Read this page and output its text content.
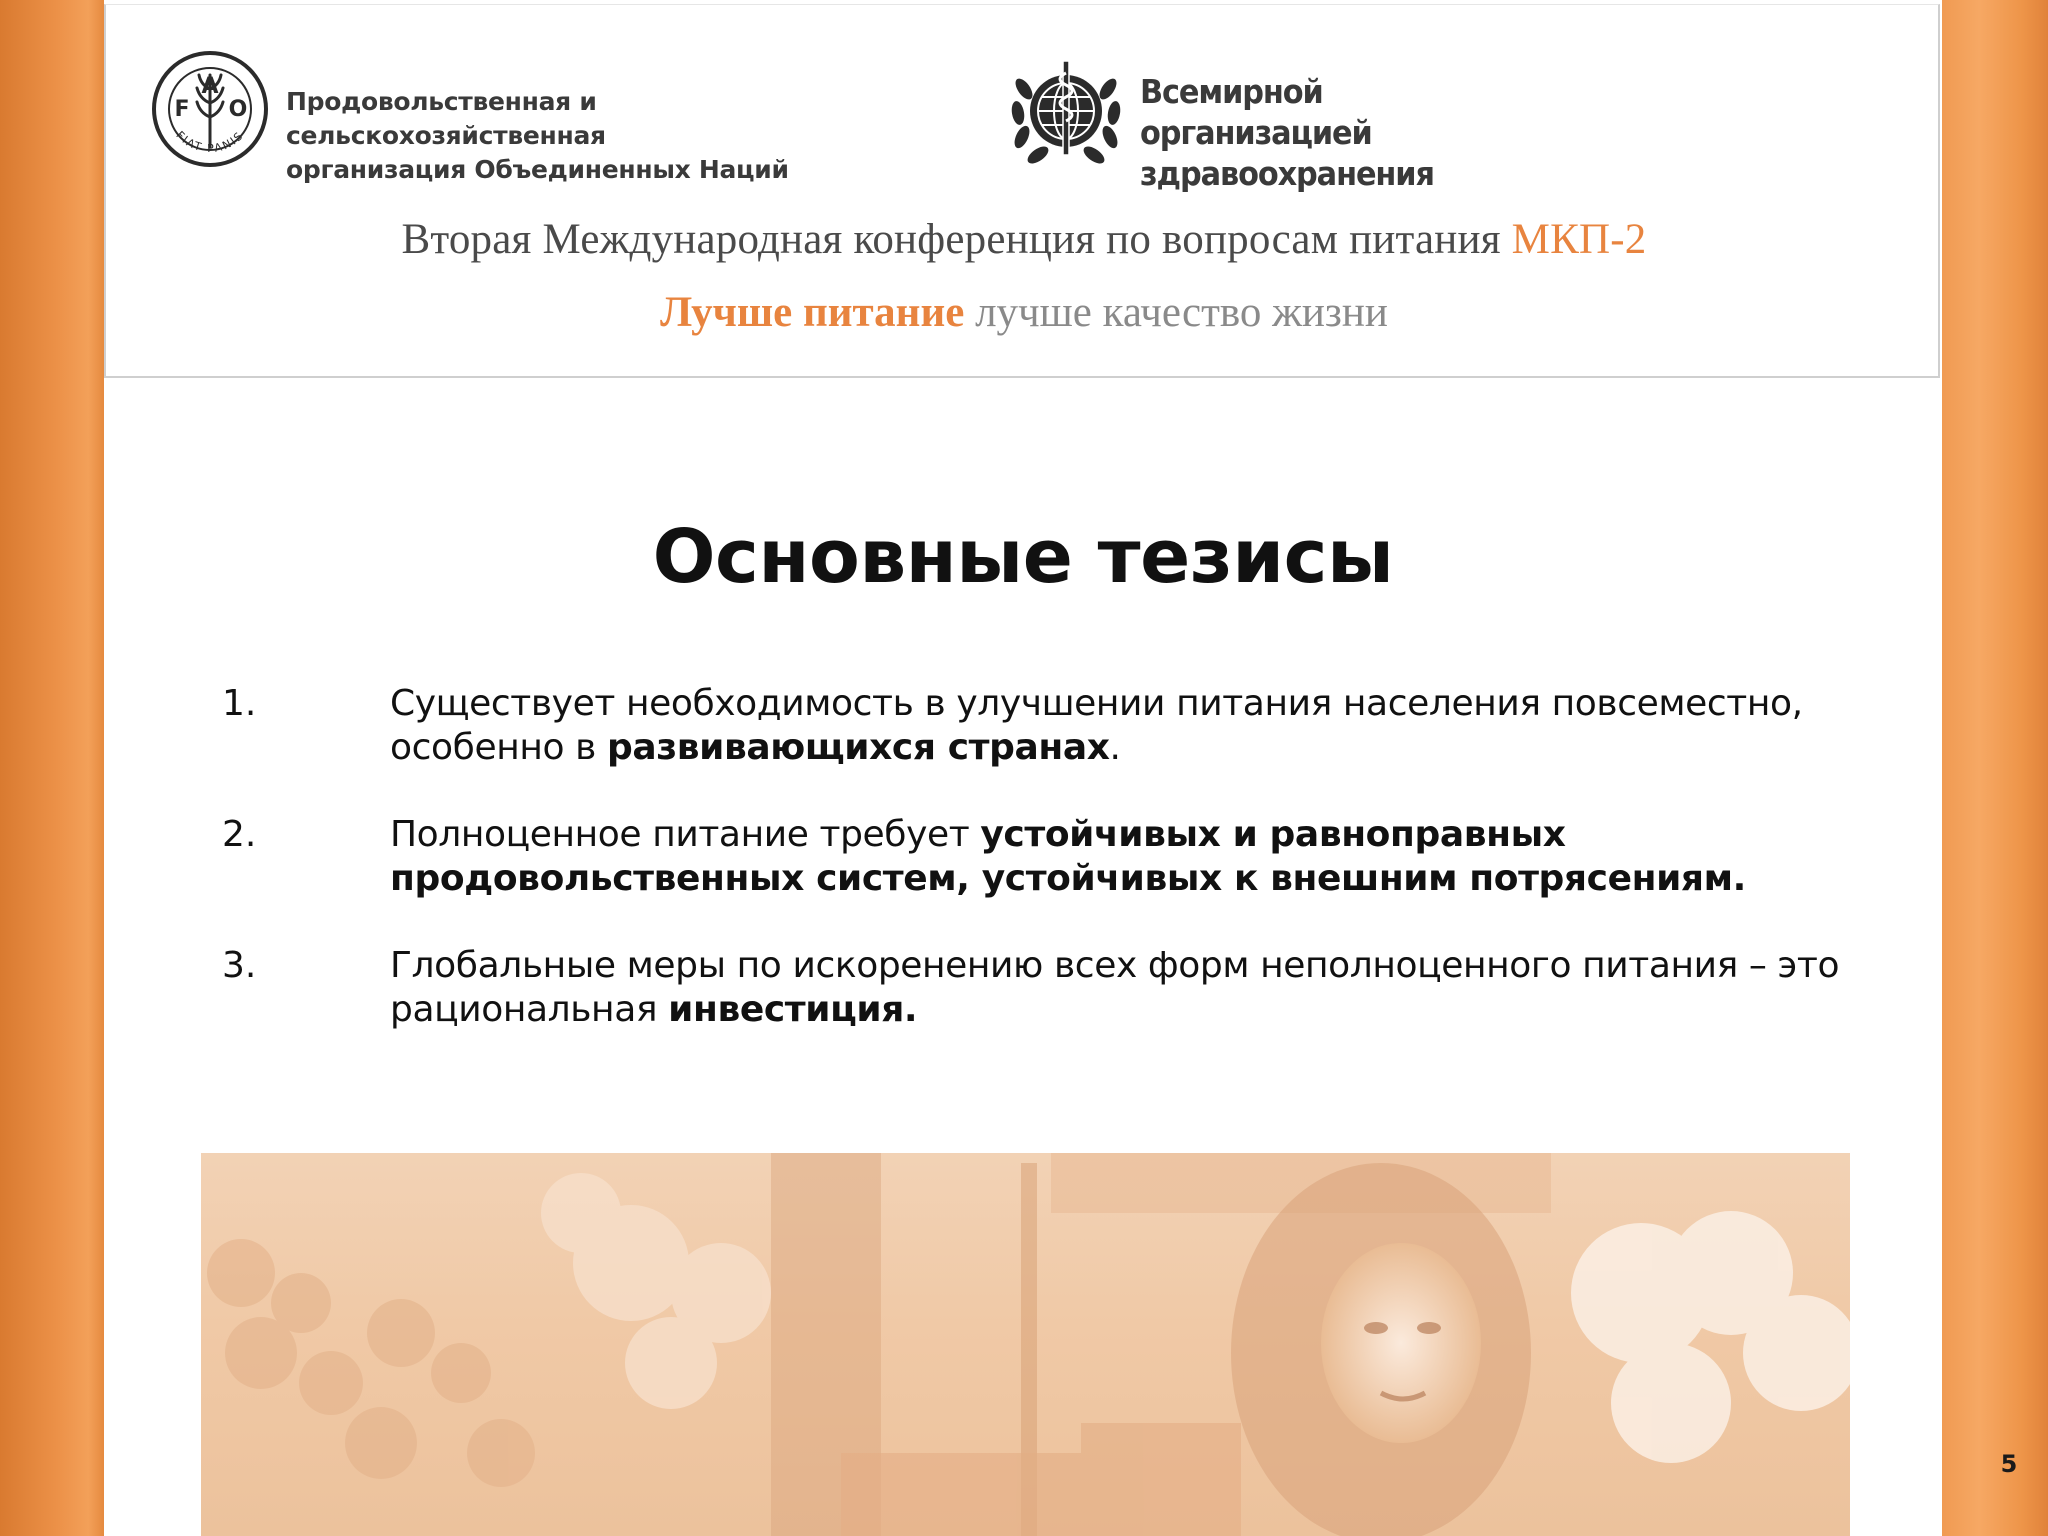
F
A
O
FIAT PANIS
Продовольственная и сельскохозяйственная
организация Объединенных Наций
Всемирной организацией
здравоохранения
Вторая Международная конференция по вопросам питания МКП-2
Лучше питание лучше качество жизни
Основные тезисы
1.	Существует необходимость в улучшении питания населения повсеместно, особенно в развивающихся странах.
2.	Полноценное питание требует устойчивых и равноправных продовольственных систем, устойчивых к внешним потрясениям.
3.	Глобальные меры по искоренению всех форм неполноценного питания – это рациональная инвестиция.
5
